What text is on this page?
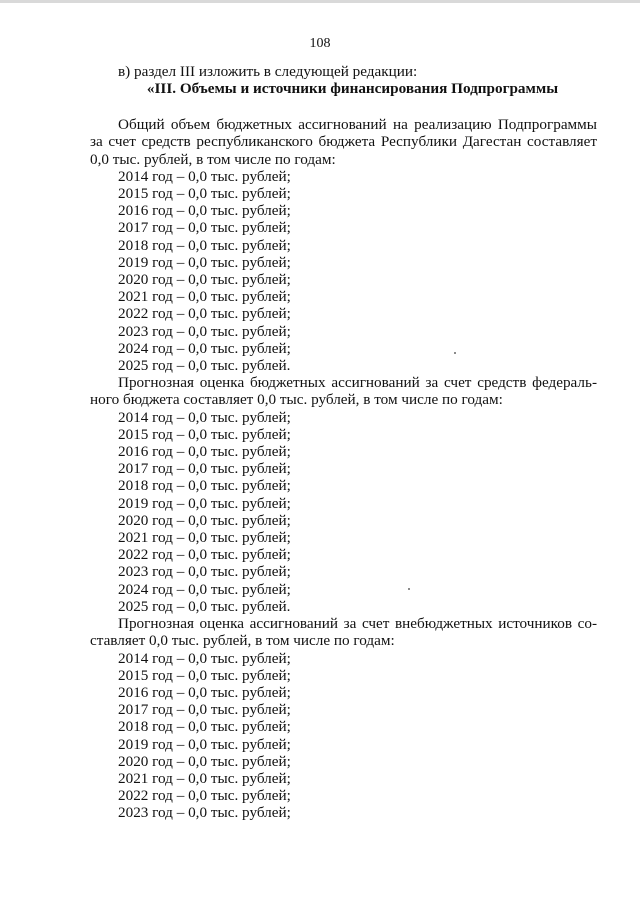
108

в) раздел III изложить в следующей редакции:

«III. Объемы и источники финансирования Подпрограммы

Общий объем бюджетных ассигнований на реализацию Подпрограммы за счет средств республиканского бюджета Республики Дагестан составляет 0,0 тыс. рублей, в том числе по годам:

2014 год – 0,0 тыс. рублей;
2015 год – 0,0 тыс. рублей;
2016 год – 0,0 тыс. рублей;
2017 год – 0,0 тыс. рублей;
2018 год – 0,0 тыс. рублей;
2019 год – 0,0 тыс. рублей;
2020 год – 0,0 тыс. рублей;
2021 год – 0,0 тыс. рублей;
2022 год – 0,0 тыс. рублей;
2023 год – 0,0 тыс. рублей;
2024 год – 0,0 тыс. рублей;
2025 год – 0,0 тыс. рублей.

Прогнозная оценка бюджетных ассигнований за счет средств федераль-ного бюджета составляет 0,0 тыс. рублей, в том числе по годам:

2014 год – 0,0 тыс. рублей;
2015 год – 0,0 тыс. рублей;
2016 год – 0,0 тыс. рублей;
2017 год – 0,0 тыс. рублей;
2018 год – 0,0 тыс. рублей;
2019 год – 0,0 тыс. рублей;
2020 год – 0,0 тыс. рублей;
2021 год – 0,0 тыс. рублей;
2022 год – 0,0 тыс. рублей;
2023 год – 0,0 тыс. рублей;
2024 год – 0,0 тыс. рублей;
2025 год – 0,0 тыс. рублей.

Прогнозная оценка ассигнований за счет внебюджетных источников со-ставляет 0,0 тыс. рублей, в том числе по годам:

2014 год – 0,0 тыс. рублей;
2015 год – 0,0 тыс. рублей;
2016 год – 0,0 тыс. рублей;
2017 год – 0,0 тыс. рублей;
2018 год – 0,0 тыс. рублей;
2019 год – 0,0 тыс. рублей;
2020 год – 0,0 тыс. рублей;
2021 год – 0,0 тыс. рублей;
2022 год – 0,0 тыс. рублей;
2023 год – 0,0 тыс. рублей;
